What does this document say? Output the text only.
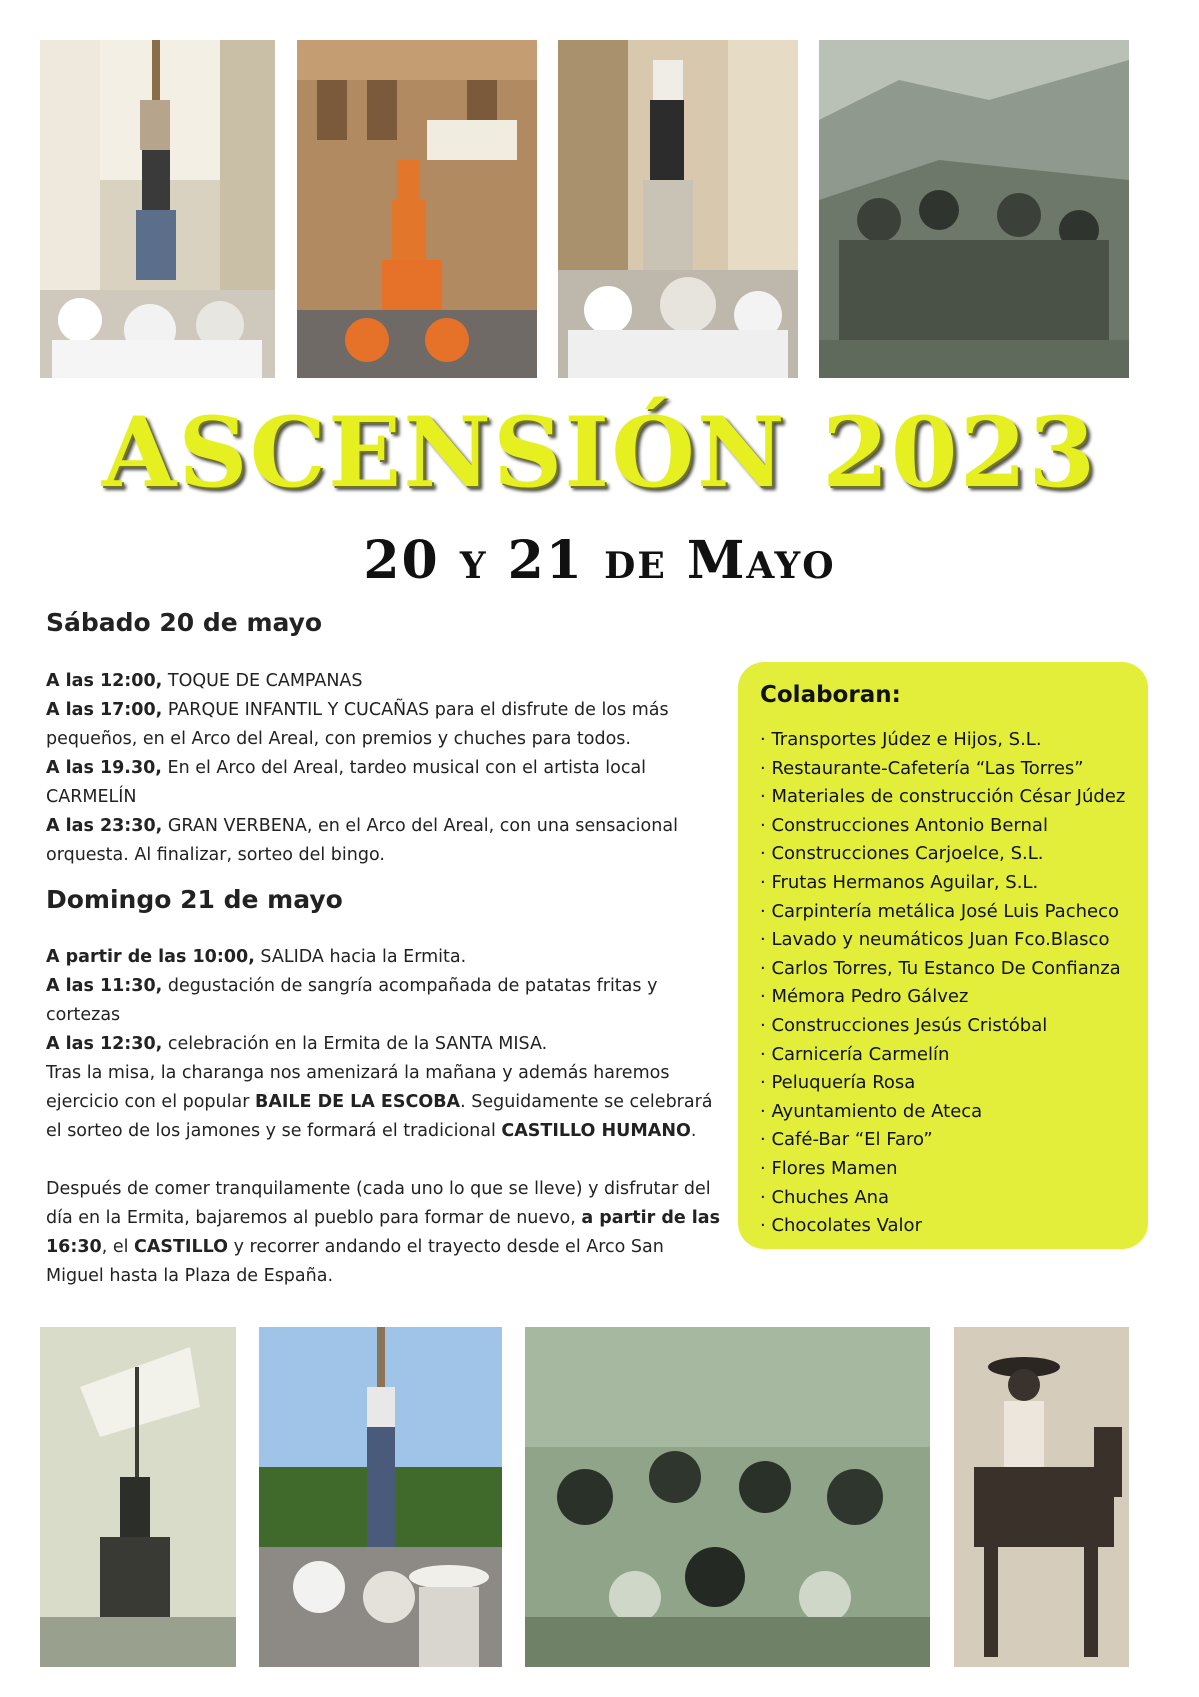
ASCENSIÓN 2023
20 y 21 de Mayo
Sábado 20 de mayo

A las 12:00, TOQUE DE CAMPANAS

A las 17:00, PARQUE INFANTIL Y CUCAÑAS para el disfrute de los más pequeños, en el Arco del Areal, con premios y chuches para todos.

A las 19.30, En el Arco del Areal, tardeo musical con el artista local CARMELÍN

A las 23:30, GRAN VERBENA, en el Arco del Areal, con una sensacional orquesta. Al finalizar, sorteo del bingo.

Domingo 21 de mayo

A partir de las 10:00, SALIDA hacia la Ermita.

A las 11:30, degustación de sangría acompañada de patatas fritas y cortezas

A las 12:30, celebración en la Ermita de la SANTA MISA.

Tras la misa, la charanga nos amenizará la mañana y además haremos ejercicio con el popular BAILE DE LA ESCOBA. Seguidamente se celebrará el sorteo de los jamones y se formará el tradicional CASTILLO HUMANO.

Después de comer tranquilamente (cada uno lo que se lleve) y disfrutar del día en la Ermita, bajaremos al pueblo para formar de nuevo, a partir de las 16:30, el CASTILLO y recorrer andando el trayecto desde el Arco San Miguel hasta la Plaza de España.

Colaboran:
· Transportes Júdez e Hijos, S.L.
· Restaurante-Cafetería “Las Torres”
· Materiales de construcción César Júdez
· Construcciones Antonio Bernal
· Construcciones Carjoelce, S.L.
· Frutas Hermanos Aguilar, S.L.
· Carpintería metálica José Luis Pacheco
· Lavado y neumáticos Juan Fco.Blasco
· Carlos Torres, Tu Estanco De Confianza
· Mémora Pedro Gálvez
· Construcciones Jesús Cristóbal
· Carnicería Carmelín
· Peluquería Rosa
· Ayuntamiento de Ateca
· Café-Bar “El Faro”
· Flores Mamen
· Chuches Ana
· Chocolates Valor
